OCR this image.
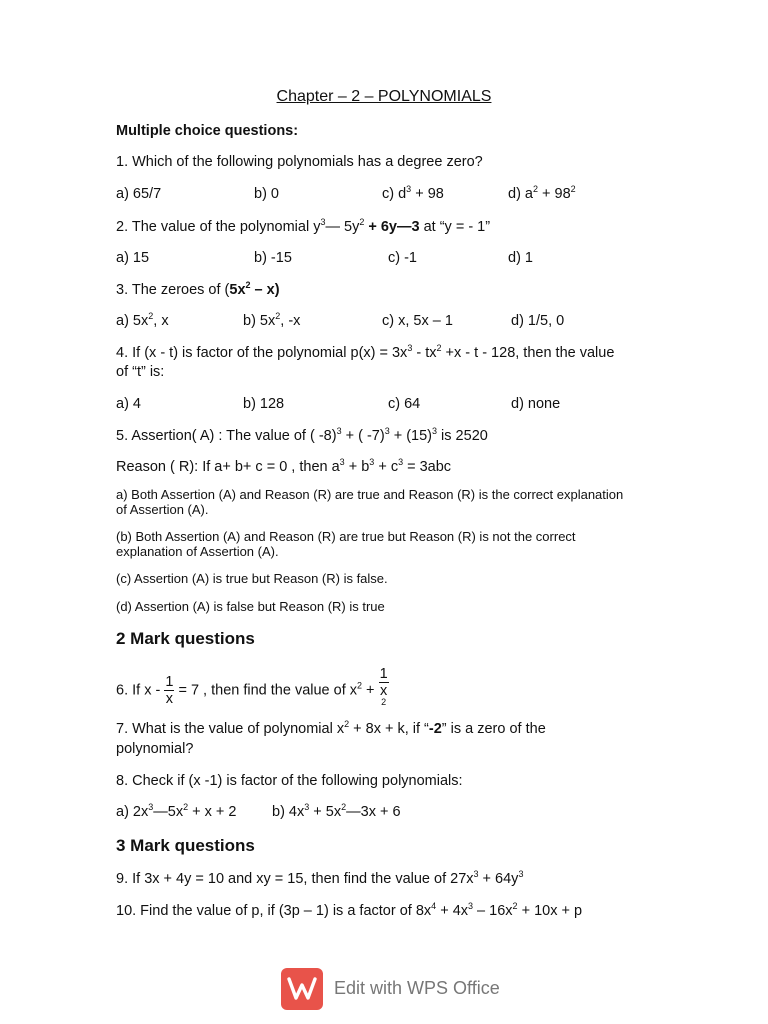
Chapter – 2 – POLYNOMIALS
Multiple choice questions:
1. Which of the following polynomials has a degree zero?
a) 65/7	b) 0	c) $d^3 + 98$	d) $a^2 + 98^2$
2. The value of the polynomial $y^3—$ $5y^2$ + 6y—3 at “y = - 1”
a) 15	b) -15	c) -1	d) 1
3. The zeroes of $(5x^2 - x)$
a) $5x^2$, x	b) $5x^2$, -x	c) x, 5x – 1	d) 1/5, 0
4. If (x - t) is factor of the polynomial $p(x) = 3x^3 - tx^2 +x - t - 128$, then the value
of “t” is:
a) 4	b) 128	c) 64	d) none
5. Assertion( A) : The value of ( -8)$^3$ + ( $-7)^3 + (15)^3$ is 2520
Reason ( R): If a+ b+ c = 0 , then $a^3 + b^3 + c^3 = 3abc$
a) Both Assertion (A) and Reason (R) are true and Reason (R) is the correct explanation of Assertion (A).
(b) Both Assertion (A) and Reason (R) are true but Reason (R) is not the correct explanation of Assertion (A).
(c) Assertion (A) is true but Reason (R) is false.
(d) Assertion (A) is false but Reason (R) is true
2 Mark questions
6. If $x - \frac{1}{x} = 7$ , then find the value of $x^2 + 1$
x
$^2$
7. What is the value of polynomial $x^2 + 8x + k$, if “-2” is a zero of the
polynomial?
8. Check if (x -1) is factor of the following polynomials:
a) $2x^3—5x^2 + x + 2$ b) $4x^3$ + $5x^2—3x + 6$
3 Mark questions
9. If 3x + 4y = 10 and xy = 15, then find the value of $27x^3 + 64y^3$
10. Find the value of p, if (3p – 1) is a factor of $8x^4 + 4x^3 - 16x^2 + 10x + p$
Edit with WPS Office
